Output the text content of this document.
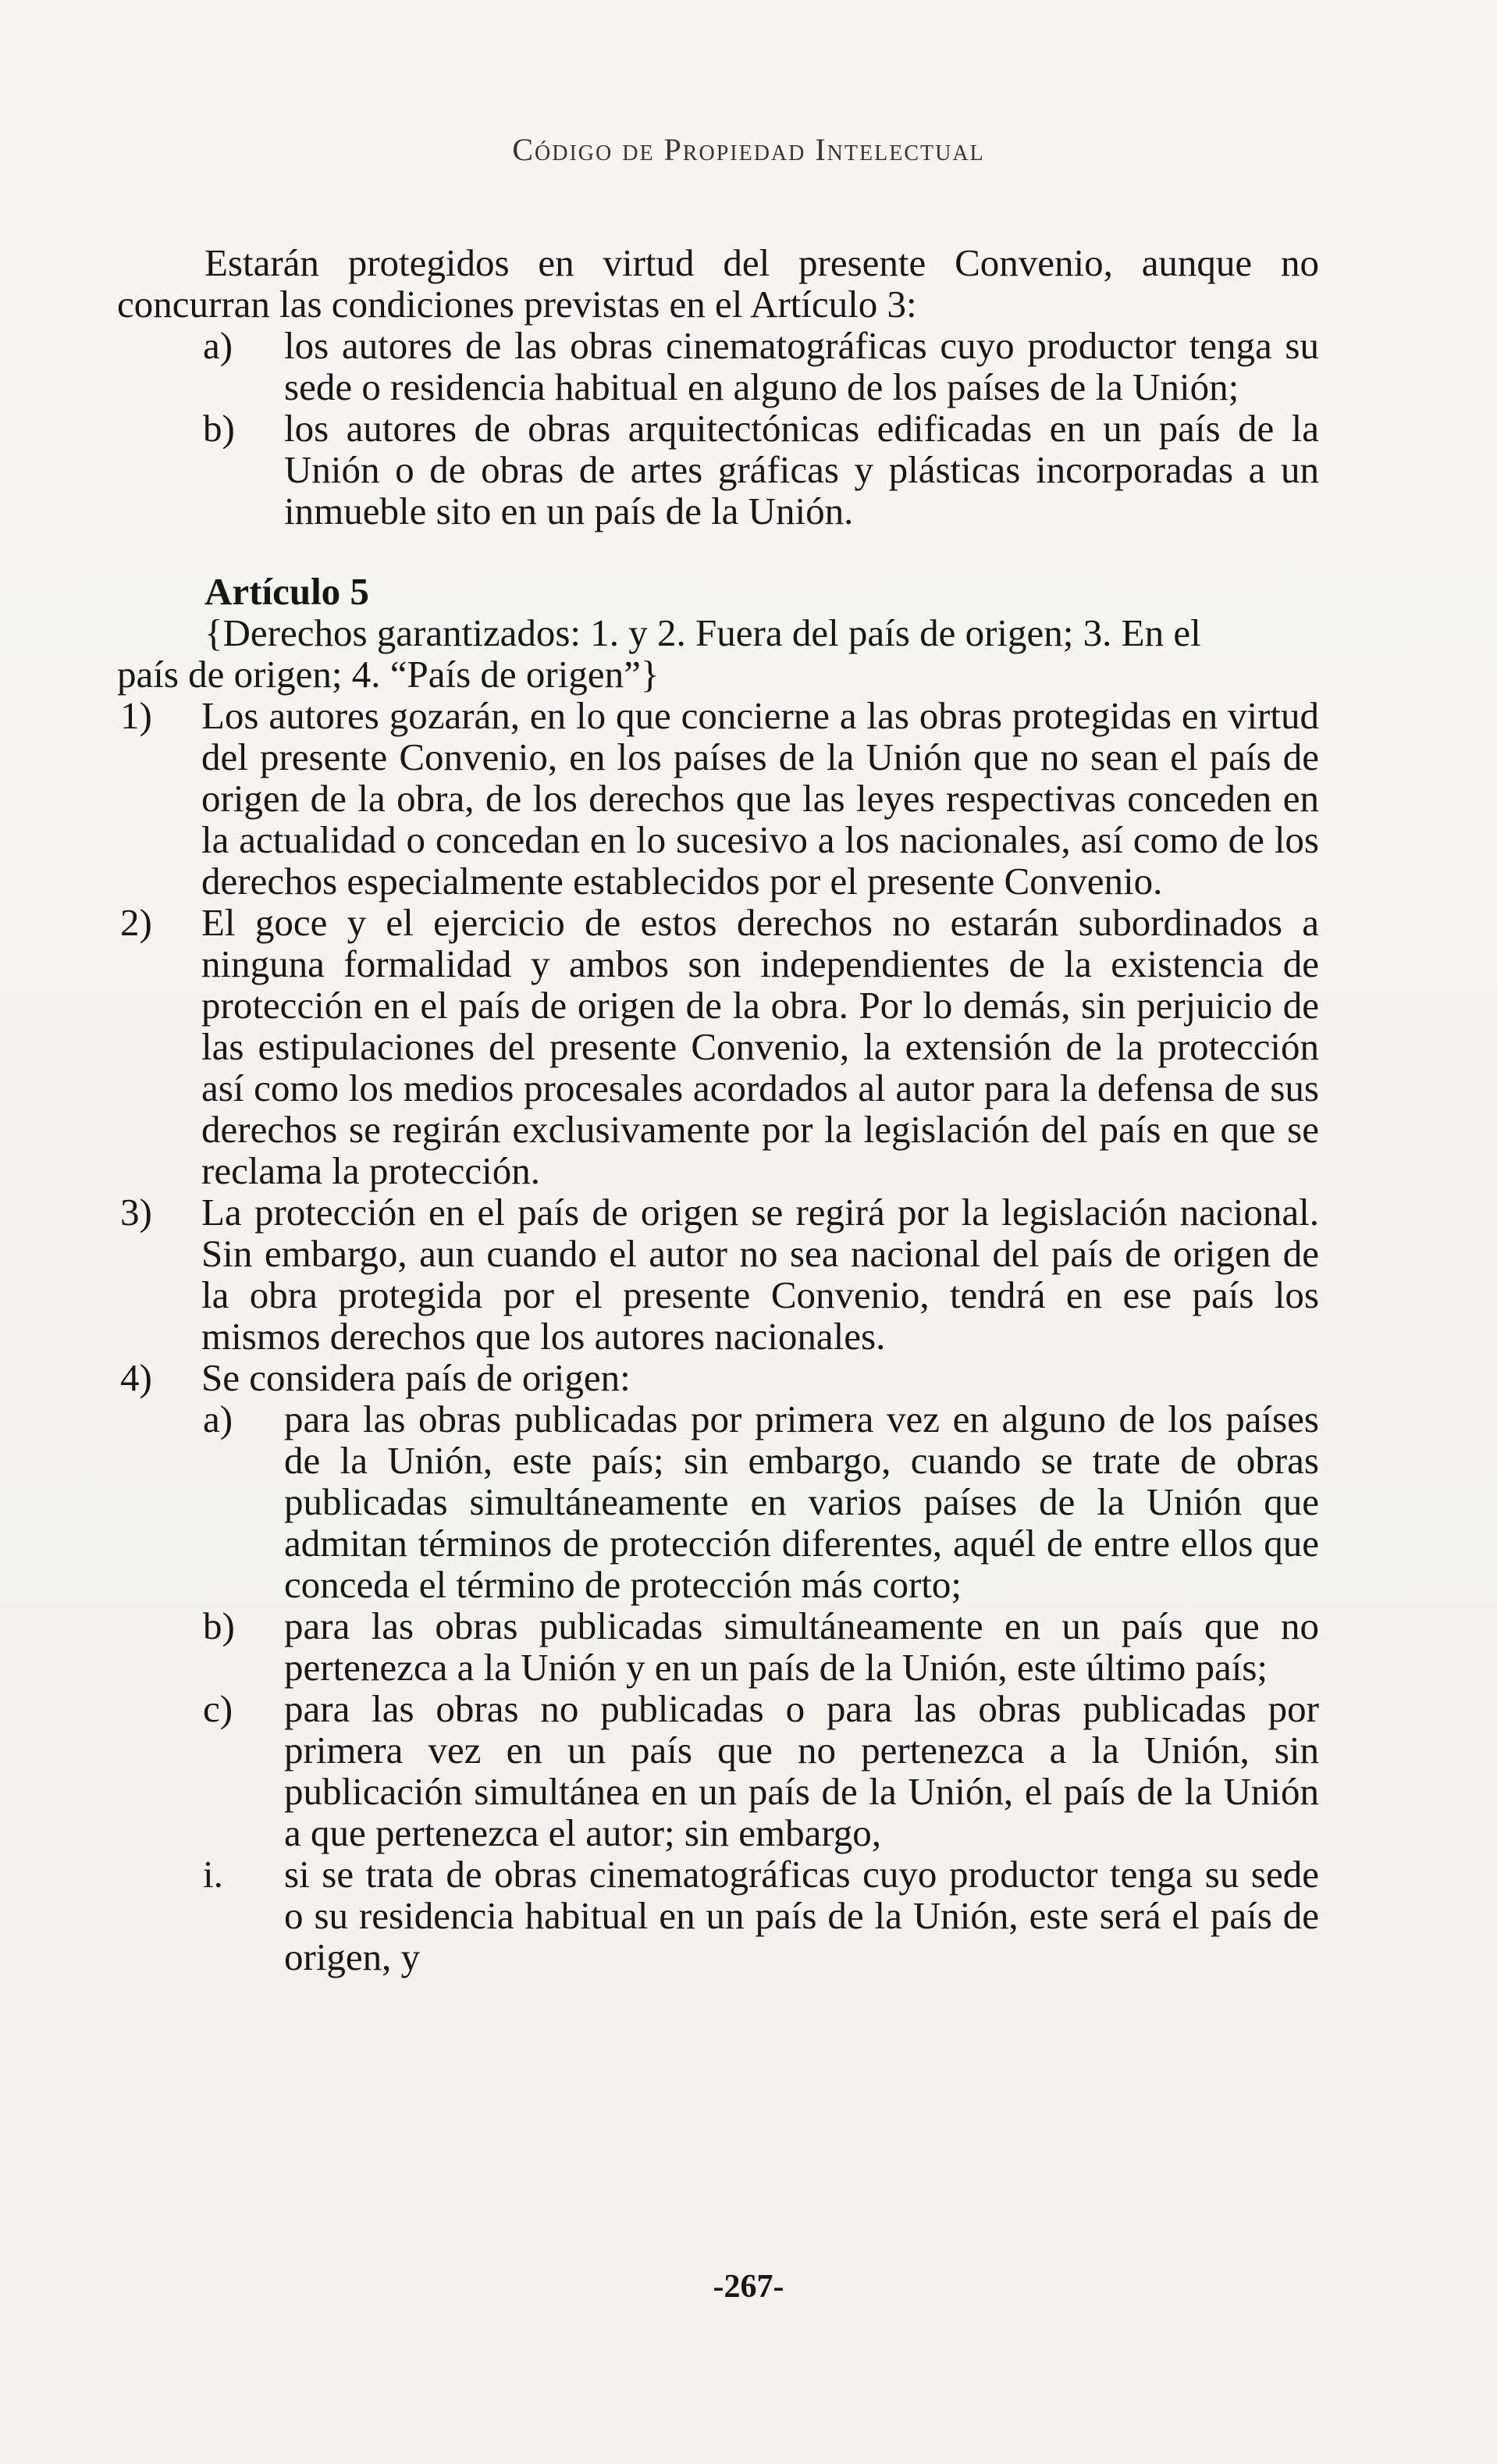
Código de Propiedad Intelectual

Estarán protegidos en virtud del presente Convenio, aunque no concurran las condiciones previstas en el Artículo 3:

a)	los autores de las obras cinematográficas cuyo productor tenga su sede o residencia habitual en alguno de los países de la Unión;
b)	los autores de obras arquitectónicas edificadas en un país de la Unión o de obras de artes gráficas y plásticas incorporadas a un inmueble sito en un país de la Unión.
Artículo 5
{Derechos garantizados: 1. y 2. Fuera del país de origen; 3. En el
país de origen; 4. “País de origen”}
1)	Los autores gozarán, en lo que concierne a las obras protegidas en virtud del presente Convenio, en los países de la Unión que no sean el país de origen de la obra, de los derechos que las leyes respectivas conceden en la actualidad o concedan en lo sucesivo a los nacionales, así como de los derechos especialmente establecidos por el presente Convenio.
2)	El goce y el ejercicio de estos derechos no estarán subordinados a ninguna formalidad y ambos son independientes de la existencia de protección en el país de origen de la obra. Por lo demás, sin perjuicio de las estipulaciones del presente Convenio, la extensión de la protección así como los medios procesales acordados al autor para la defensa de sus derechos se regirán exclusivamente por la legislación del país en que se reclama la protección.
3)	La protección en el país de origen se regirá por la legislación nacional. Sin embargo, aun cuando el autor no sea nacional del país de origen de la obra protegida por el presente Convenio, tendrá en ese país los mismos derechos que los autores nacionales.
4)	Se considera país de origen:
a)	para las obras publicadas por primera vez en alguno de los países de la Unión, este país; sin embargo, cuando se trate de obras publicadas simultáneamente en varios países de la Unión que admitan términos de protección diferentes, aquél de entre ellos que conceda el término de protección más corto;
b)	para las obras publicadas simultáneamente en un país que no pertenezca a la Unión y en un país de la Unión, este último país;
c)	para las obras no publicadas o para las obras publicadas por primera vez en un país que no pertenezca a la Unión, sin publicación simultánea en un país de la Unión, el país de la Unión a que pertenezca el autor; sin embargo,
i.	si se trata de obras cinematográficas cuyo productor tenga su sede o su residencia habitual en un país de la Unión, este será el país de origen, y
-267-
